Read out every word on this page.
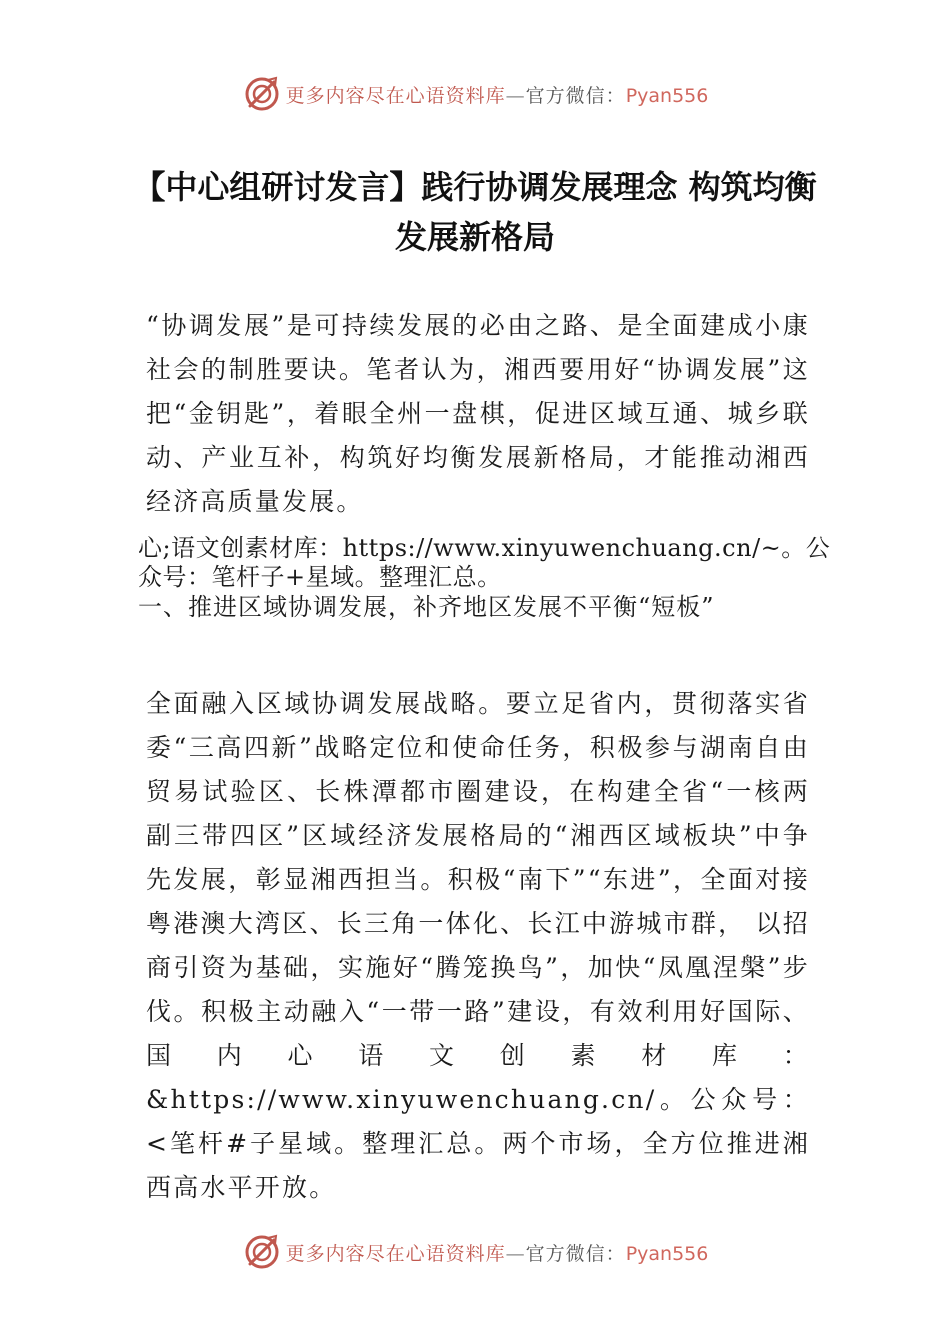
更多内容尽在心语资料库—官方微信：Pyan556
【中心组研讨发言】践行协调发展理念 构筑均衡发展新格局

“协调发展”是可持续发展的必由之路、是全面建成小康社会的制胜要诀。笔者认为，湘西要用好“协调发展”这把“金钥匙”，着眼全州一盘棋，促进区域互通、城乡联动、产业互补，构筑好均衡发展新格局，才能推动湘西经济高质量发展。

心;语文创素材库：https://www.xinyuwenchuang.cn/~。公众号：笔杆子+星域。整理汇总。

一、推进区域协调发展，补齐地区发展不平衡“短板”

全面融入区域协调发展战略。要立足省内，贯彻落实省委“三高四新”战略定位和使命任务，积极参与湖南自由贸易试验区、长株潭都市圈建设，在构建全省“一核两副三带四区”区域经济发展格局的“湘西区域板块”中争先发展，彰显湘西担当。积极“南下”“东进”，全面对接粤港澳大湾区、长三角一体化、长江中游城市群， 以招商引资为基础，实施好“腾笼换鸟”，加快“凤凰涅槃”步伐。积极主动融入“一带一路”建设，有效利用好国际、国内心语文创素材库：&https://www.xinyuwenchuang.cn/。公众号：<笔杆#子星域。整理汇总。两个市场，全方位推进湘西高水平开放。

更多内容尽在心语资料库—官方微信：Pyan556
